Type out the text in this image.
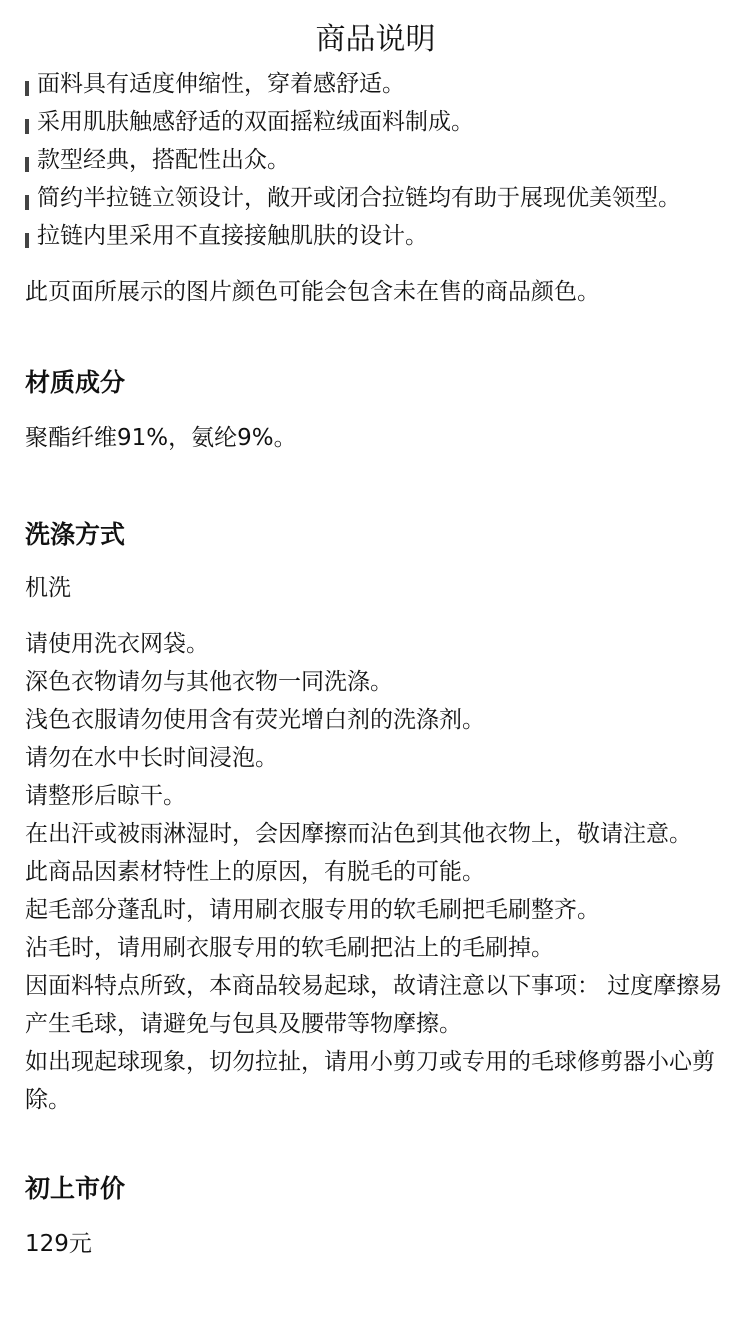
商品说明
面料具有适度伸缩性，穿着感舒适。
采用肌肤触感舒适的双面摇粒绒面料制成。
款型经典，搭配性出众。
简约半拉链立领设计，敞开或闭合拉链均有助于展现优美领型。
拉链内里采用不直接接触肌肤的设计。

此页面所展示的图片颜色可能会包含未在售的商品颜色。

材质成分

聚酯纤维91%，氨纶9%。

洗涤方式

机洗

请使用洗衣网袋。
深色衣物请勿与其他衣物一同洗涤。
浅色衣服请勿使用含有荧光增白剂的洗涤剂。
请勿在水中长时间浸泡。
请整形后晾干。
在出汗或被雨淋湿时，会因摩擦而沾色到其他衣物上，敬请注意。
此商品因素材特性上的原因，有脱毛的可能。
起毛部分蓬乱时，请用刷衣服专用的软毛刷把毛刷整齐。
沾毛时，请用刷衣服专用的软毛刷把沾上的毛刷掉。
因面料特点所致，本商品较易起球，故请注意以下事项： 过度摩擦易产生毛球，请避免与包具及腰带等物摩擦。
如出现起球现象，切勿拉扯，请用小剪刀或专用的毛球修剪器小心剪除。
初上市价

129元
